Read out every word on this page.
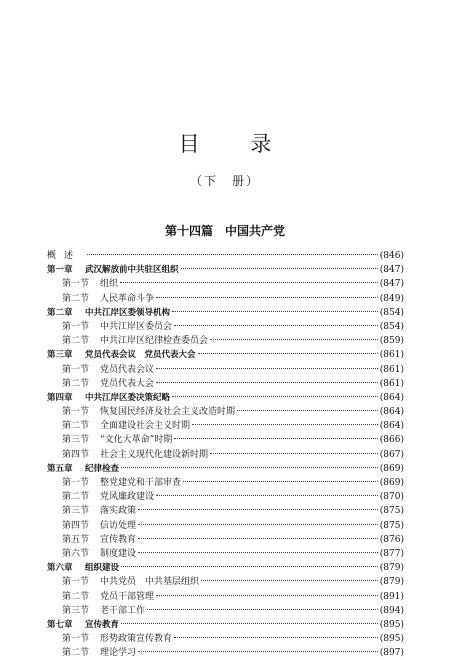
目 录
（下　册）
第十四篇　中国共产党
概述	(846)
第一章	武汉解放前中共驻区组织	(847)
第一节	组织	(847)
第二节	人民革命斗争	(849)
第二章	中共江岸区委领导机构	(854)
第一节	中共江岸区委员会	(854)
第二节	中共江岸区纪律检查委员会	(859)
第三章	党员代表会议　党员代表大会	(861)
第一节	党员代表会议	(861)
第二节	党员代表大会	(861)
第四章	中共江岸区委决策纪略	(864)
第一节	恢复国民经济及社会主义改造时期	(864)
第二节	全面建设社会主义时期	(864)
第三节	“文化大革命”时期	(866)
第四节	社会主义现代化建设新时期	(867)
第五章	纪律检查	(869)
第一节	整党建党和干部审查	(869)
第二节	党风廉政建设	(870)
第三节	落实政策	(875)
第四节	信访处理	(875)
第五节	宣传教育	(876)
第六节	制度建设	(877)
第六章	组织建设	(879)
第一节	中共党员　中共基层组织	(879)
第二节	党员干部管理	(891)
第三节	老干部工作	(894)
第七章	宣传教育	(895)
第一节	形势政策宣传教育	(895)
第二节	理论学习	(897)
